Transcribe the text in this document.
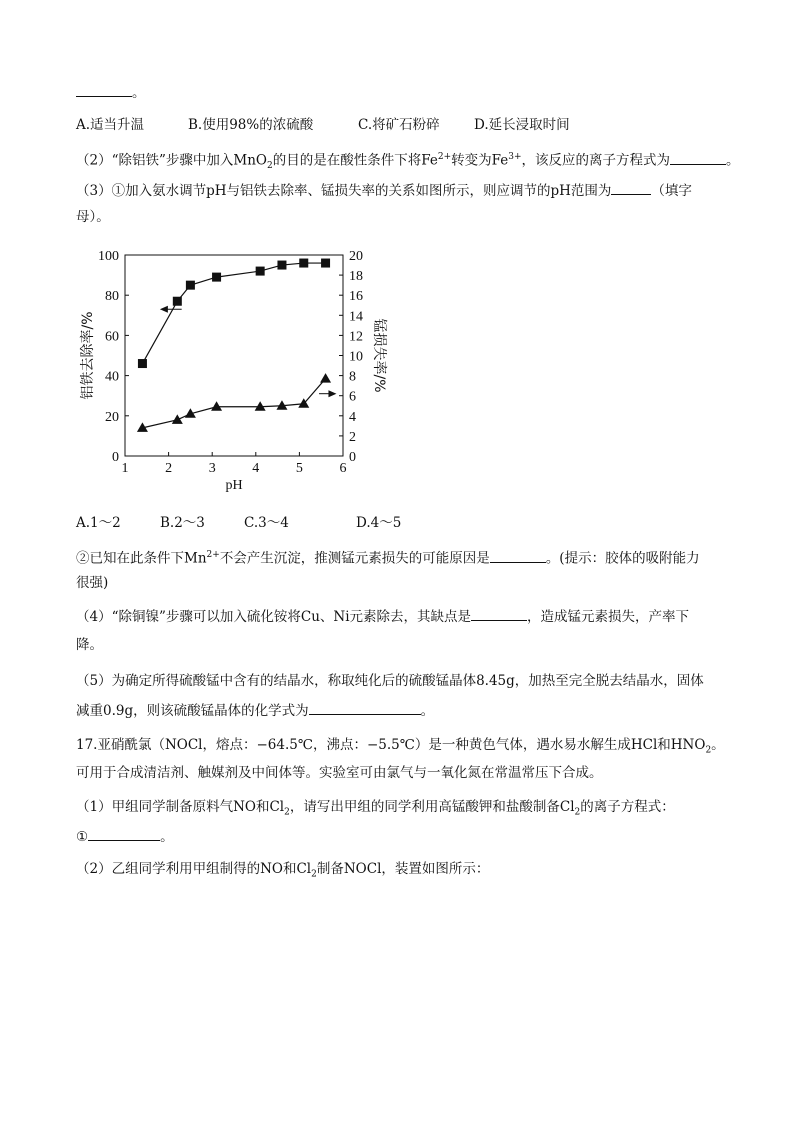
。
A.适当升温	B.使用98%的浓硫酸	C.将矿石粉碎	D.延长浸取时间
（2）“除铝铁”步骤中加入MnO$_2$的目的是在酸性条件下将$Fe^{2+}$转变为$Fe^{3+}$，该反应的离子方程式为	。
（3）①加入氨水调节pH与铝铁去除率、锰损失率的关系如图所示，则应调节的pH范围为	（填字
母）。
1	2	3	4	5	6
0
20
40
60
80
100
0
2
4
6
8
10
12
14
16
18
20
pH
铝铁去除率/%	锰损失率/%
A.1～2	B.2～3	C.3～4	D.4～5
②已知在此条件下$Mn^{2+}$不会产生沉淀，推测锰元素损失的可能原因是	。(提示：胶体的吸附能力
很强)
（4）“除铜镍”步骤可以加入硫化铵将Cu、Ni元素除去，其缺点是	，造成锰元素损失，产率下
降。
（5）为确定所得硫酸锰中含有的结晶水，称取纯化后的硫酸锰晶体8.45g，加热至完全脱去结晶水，固体
减重0.9g，则该硫酸锰晶体的化学式为	。
17.亚硝酰氯（NOCl，熔点：−64.5℃，沸点：−5.5℃）是一种黄色气体，遇水易水解生成HCl和$HNO_2$。
可用于合成清洁剂、触媒剂及中间体等。实验室可由氯气与一氧化氮在常温常压下合成。
（1）甲组同学制备原料气NO和$Cl_2$，请写出甲组的同学利用高锰酸钾和盐酸制备$Cl_2$的离子方程式：
①	。
（2）乙组同学利用甲组制得的NO和$Cl_2$制备NOCl，装置如图所示：
